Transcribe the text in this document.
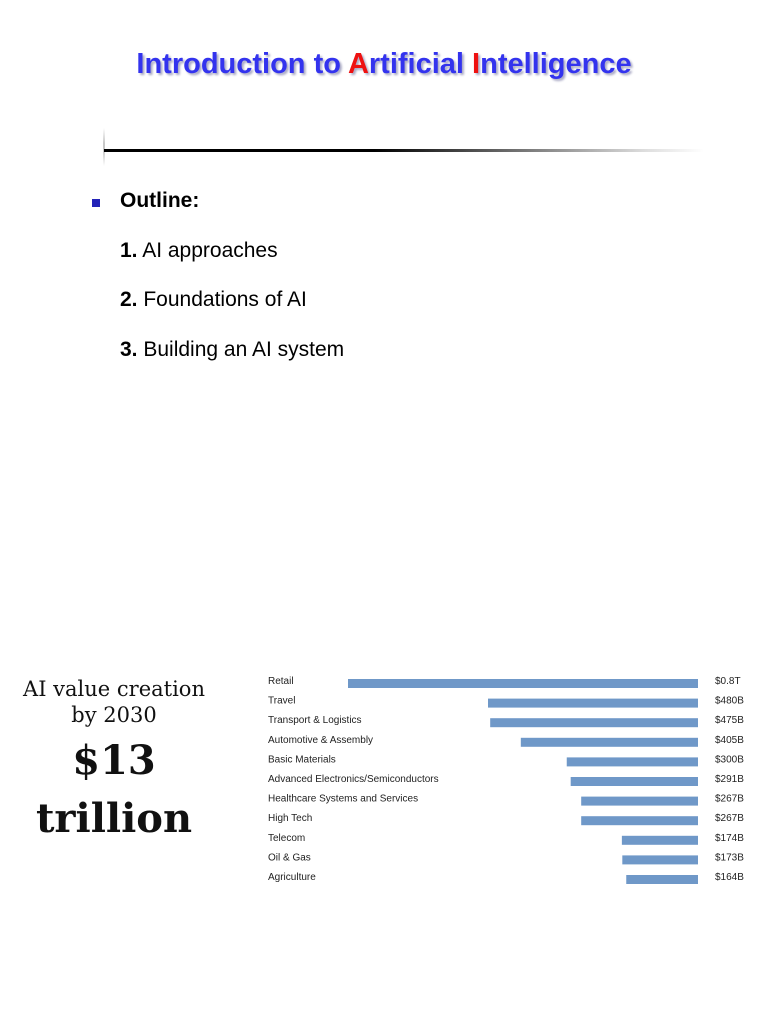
Introduction to Artificial Intelligence
Outline:
1. AI approaches
2. Foundations of AI
3. Building an AI system
AI value creation
by 2030
$13
trillion
Retail	$0.8T
Travel	$480B
Transport & Logistics	$475B
Automotive & Assembly	$405B
Basic Materials	$300B
Advanced Electronics/Semiconductors	$291B
Healthcare Systems and Services	$267B
High Tech	$267B
Telecom	$174B
Oil & Gas	$173B
Agriculture	$164B
